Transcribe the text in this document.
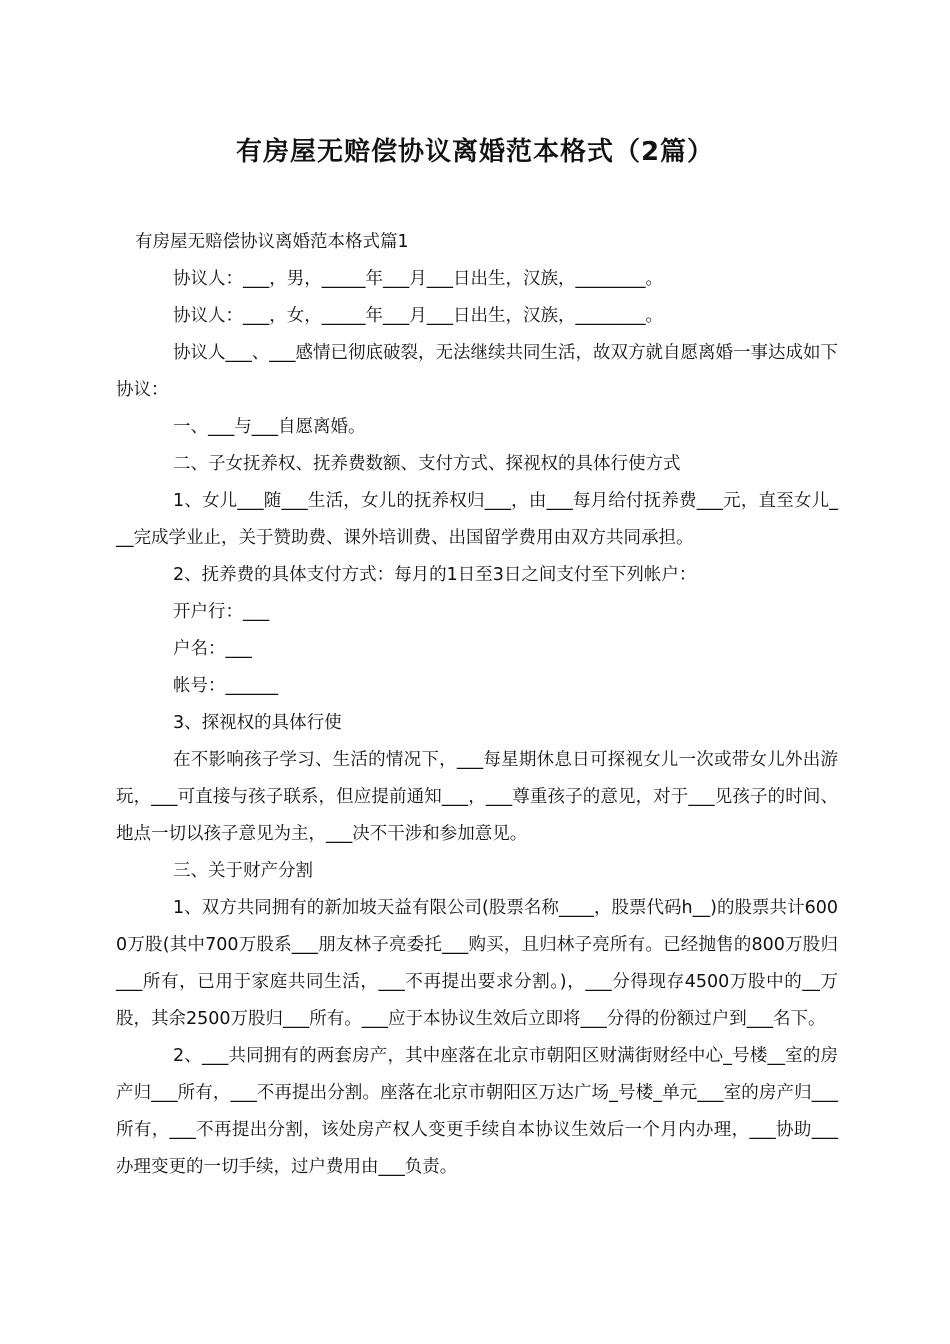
有房屋无赔偿协议离婚范本格式（2篇）

有房屋无赔偿协议离婚范本格式篇1

协议人：___，男，_____年___月___日出生，汉族，________。

协议人：___，女，_____年___月___日出生，汉族，________。

协议人___、___感情已彻底破裂，无法继续共同生活，故双方就自愿离婚一事达成如下协议：

一、___与___自愿离婚。

二、子女抚养权、抚养费数额、支付方式、探视权的具体行使方式

1、女儿___随___生活，女儿的抚养权归___，由___每月给付抚养费___元，直至女儿___完成学业止，关于赞助费、课外培训费、出国留学费用由双方共同承担。

2、抚养费的具体支付方式：每月的1日至3日之间支付至下列帐户：

开户行：___

户名：___

帐号：______

3、探视权的具体行使

在不影响孩子学习、生活的情况下，___每星期休息日可探视女儿一次或带女儿外出游玩，___可直接与孩子联系，但应提前通知___，___尊重孩子的意见，对于___见孩子的时间、地点一切以孩子意见为主，___决不干涉和参加意见。

三、关于财产分割

1、双方共同拥有的新加坡天益有限公司(股票名称____，股票代码h__)的股票共计6000万股(其中700万股系___朋友林子亮委托___购买，且归林子亮所有。已经抛售的800万股归___所有，已用于家庭共同生活，___不再提出要求分割。)，___分得现存4500万股中的__万股，其余2500万股归___所有。___应于本协议生效后立即将___分得的份额过户到___名下。

2、___共同拥有的两套房产，其中座落在北京市朝阳区财满街财经中心_号楼__室的房产归___所有，___不再提出分割。座落在北京市朝阳区万达广场_号楼_单元___室的房产归___所有，___不再提出分割，该处房产权人变更手续自本协议生效后一个月内办理，___协助___办理变更的一切手续，过户费用由___负责。
